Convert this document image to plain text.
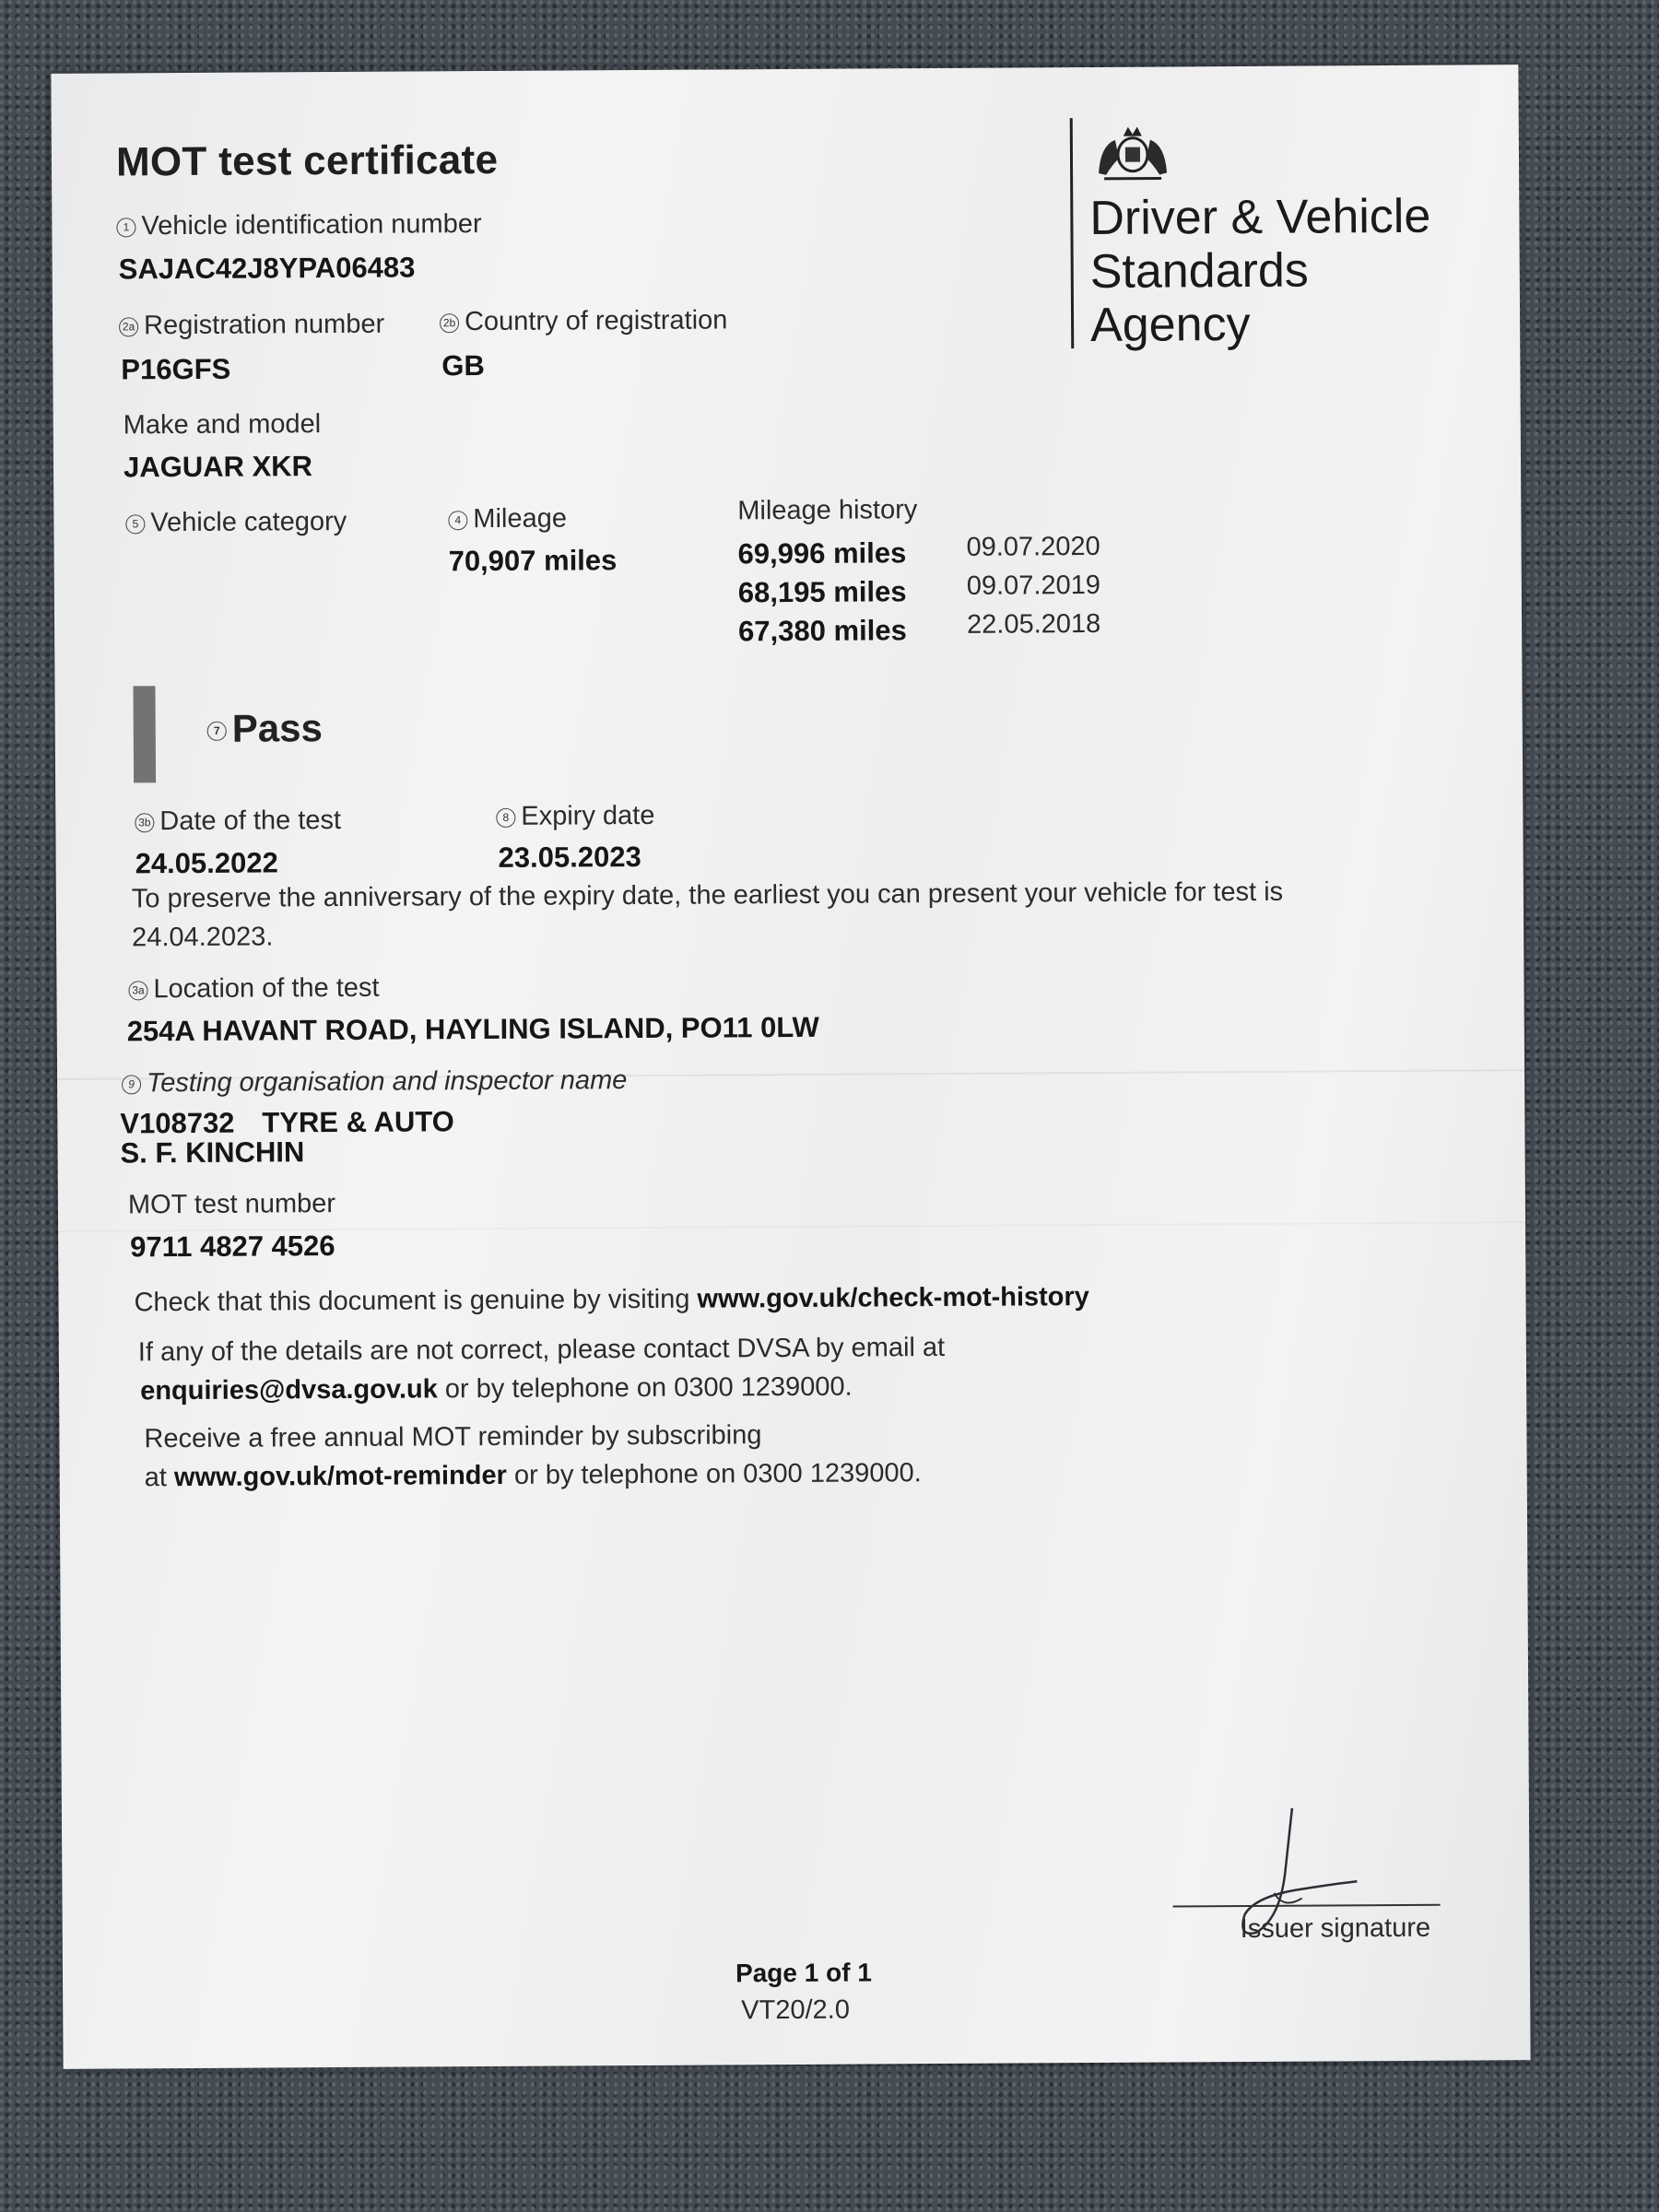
MOT test certificate
Driver & Vehicle
Standards
Agency
1 Vehicle identification number
SAJAC42J8YPA06483
2a Registration number
P16GFS
2b Country of registration
GB
Make and model
JAGUAR XKR
5 Vehicle category	4 Mileage
70,907 miles
Mileage history
69,996 miles 09.07.2020
68,195 miles 09.07.2019
67,380 miles 22.05.2018
7 Pass
3b Date of the test
24.05.2022
8 Expiry date
23.05.2023
To preserve the anniversary of the expiry date, the earliest you can present your vehicle for test is
24.04.2023.
3a Location of the test
254A HAVANT ROAD, HAYLING ISLAND, PO11 0LW
9 Testing organisation and inspector name
V108732 TYRE & AUTO
S. F. KINCHIN
MOT test number
9711 4827 4526
Check that this document is genuine by visiting www.gov.uk/check-mot-history
If any of the details are not correct, please contact DVSA by email at
enquiries@dvsa.gov.uk or by telephone on 0300 1239000.
Receive a free annual MOT reminder by subscribing
at www.gov.uk/mot-reminder or by telephone on 0300 1239000.
Page 1 of 1
VT20/2.0
Issuer signature
